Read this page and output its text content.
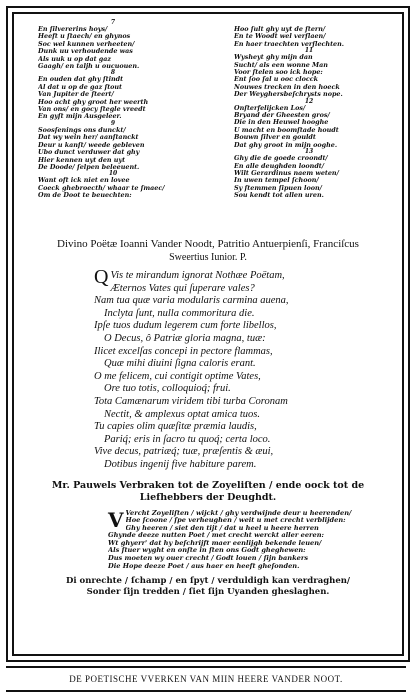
7
En ſilvererins hoys/
Heeft u ſtaech/ en ghynos
Soc wel kunnen verheeten/
Dunk uu verhoudende was
Als uuk u op dat gaz
Gaagh/ en taljh u oucuouen.
8
En ouden dat ghy ſtindt
Al dat u op de gaz ſtout
Van Jupiter de ſteert/
Hoo acht ghy groot her weerth
Van ons/ en gocy ſtegle vreedt
En gyſt mijn Ausgeleer.
9
Soosſenings ons dunckt/
Dat wy wein her/ aanſtanckt
Deur u kanſt/ weede gebleven
Ubo dunct verduwer dat ghy
Hier kennen uyt den uyt
De Doode/ ſelpen beleeuent.
10
Want oft ick niet en lovee
Coeck ghebroecth/ whaar te ſmaec/
Om de Doot te beuechten:
Hoo ſult ghy uyt de ſtern/
En te Woodt wel verſlaen/
En haer traechten verſlechten.
11
Wysheyt ghy mijn dan
Sucht/ als een wonne Man
Voor ſtelen soo ick hope:
Ent ſoo ſal u ooc clocck
Nouwes trecken in den hoeck
Der Weyghersbeſchrysts nope.
12
Onſterfelijcken Los/
Bryand der Gheesten gros/
Die in den Heuwel hooghe
U macht en boomſtade houdt
Bouwn ſilver en gouldt
Dat ghy groot in mijn ooghe.
13
Ghy die de goede croondt/
En alle deughden loondt/
Wilt Gerardinus naem weten/
In uwen tempel ſchoon/
Sy ſtemmen ſipuen loon/
Sou kendt tot allen uren.
Divino Poëtæ Ioanni Vander Noodt, Patritio Antuerpienſi, Franciſcus
Sweertius Iunior. P.
Q Vis te mirandum ignorat Nothæe Poëtam,
Æternos Vates qui ſuperare vales?
Nam tua quæ varia modularis carmina auena,
Inclyta ſunt, nulla commoritura die.
Ipſe tuos dudum legerem cum forte libellos,
O Decus, ô Patriæ gloria magna, tuæ:
Ilicet excelſas concepi in pectore flammas,
Quæ mihi diuini ſigna caloris erant.
O me felicem, cui contigit optime Vates,
Ore tuo totis, colloquioq́; frui.
Tota Camænarum viridem tibi turba Coronam
Nectit, & amplexus optat amica tuos.
Tu capies olim quæſitæ præmia laudis,
Pariq́; eris in ſacro tu quoq́; certa loco.
Vive decus, patriæq́; tuæ, præſentis & æui,
Dotibus ingenij five habiture parem.
Mr. Pauwels Verbraken tot de Zoyeliſten / ende oock tot de
Liefhebbers der Deughdt.
V Vercht Zoyeliſten / wijckt / ghy verdwijnde deur u heerenden/
Hoe ſcoone / ſpe verheughen / weit u met crecht verblijden:
Ghy heeren / siet den tijt / dat u heel u heere herren
Ghynde deeze nutten Poet / met crecht werckt aller eeren:
Wt ghyerr' dat hy beſchrijft maer eenlijgh bekende leuen/
Als ſtuer wyght en onſte in ſten ons Godt gheghewen:
Dus moeten wy ouer crecht / Godt louen / ſijn bankers
Die Hope deeze Poet / aus haer en heeft gheſonden.
Di onrechte / ſchamp / en ſpyt / verduldigh kan verdraghen/
Sonder ſijn tredden / ſiet ſijn Uyanden gheslaghen.
DE POETISCHE VVERKEN VAN MIIN HEERE VANDER NOOT.
